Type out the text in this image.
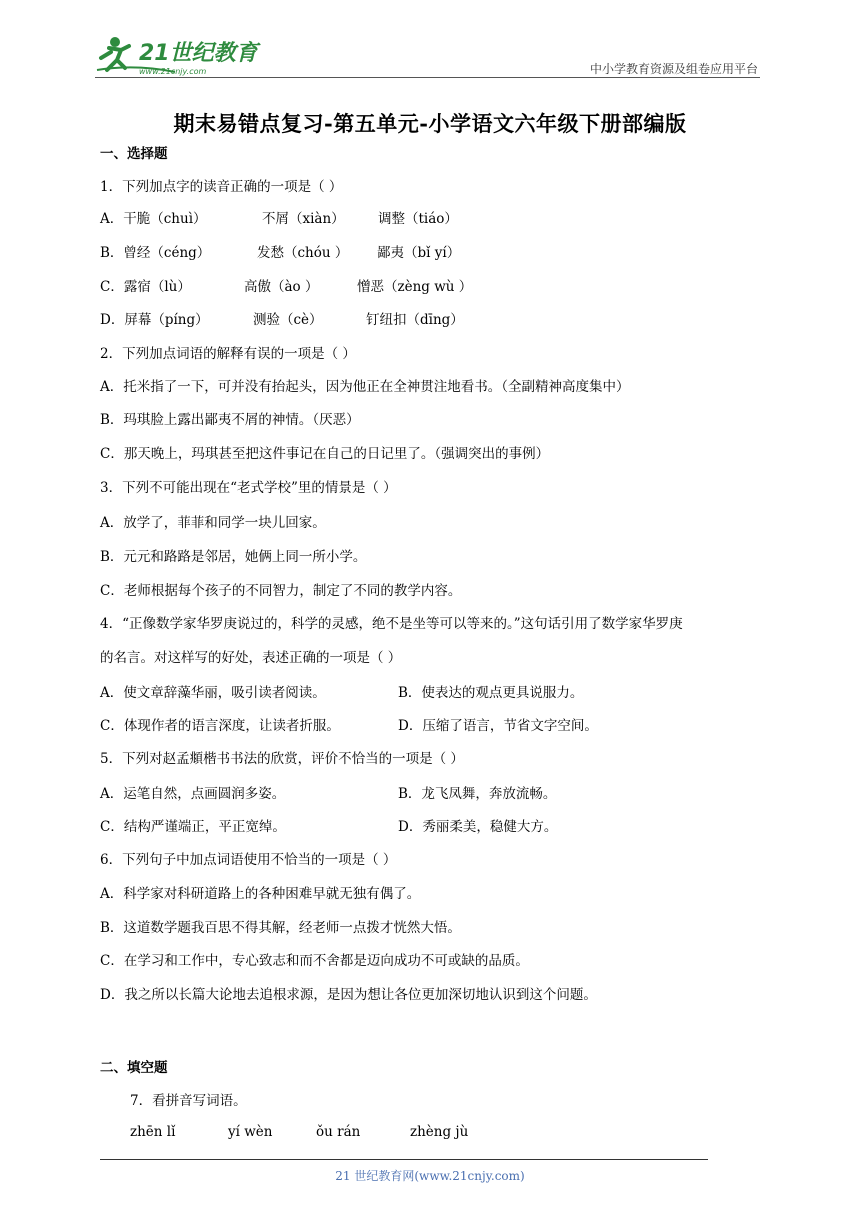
21世纪教育
www.21cnjy.com	中小学教育资源及组卷应用平台
期末易错点复习-第五单元-小学语文六年级下册部编版
一、选择题
1．下列加点字的读音正确的一项是（ ）
A．干脆（chuì）	不屑（xiàn） 调整（tiáo）
B．曾经（céng）	发愁（chóu ） 鄙夷（bǐ yí）
C．露宿（lù）	高傲（ào ）	憎恶（zèng wù ）
D．屏幕（píng）	测验（cè）	钉纽扣（dīng）
2．下列加点词语的解释有误的一项是（ ）
A．托米指了一下，可并没有抬起头，因为他正在全神贯注地看书。（全副精神高度集中）
B．玛琪脸上露出鄙夷不屑的神情。（厌恶）
C．那天晚上，玛琪甚至把这件事记在自己的日记里了。（强调突出的事例）
3．下列不可能出现在“老式学校”里的情景是（ ）
A．放学了，菲菲和同学一块儿回家。
B．元元和路路是邻居，她俩上同一所小学。
C．老师根据每个孩子的不同智力，制定了不同的教学内容。
4．“正像数学家华罗庚说过的，科学的灵感，绝不是坐等可以等来的。”这句话引用了数学家华罗庚
的名言。对这样写的好处，表述正确的一项是（ ）
A．使文章辞藻华丽，吸引读者阅读。	B．使表达的观点更具说服力。
C．体现作者的语言深度，让读者折服。	D．压缩了语言，节省文字空间。
5．下列对赵孟頫楷书书法的欣赏，评价不恰当的一项是（ ）
A．运笔自然，点画圆润多姿。	B．龙飞凤舞，奔放流畅。
C．结构严谨端正，平正宽绰。	D．秀丽柔美，稳健大方。
6．下列句子中加点词语使用不恰当的一项是（ ）
A．科学家对科研道路上的各种困难早就无独有偶了。
B．这道数学题我百思不得其解，经老师一点拨才恍然大悟。
C．在学习和工作中，专心致志和而不舍都是迈向成功不可或缺的品质。
D．我之所以长篇大论地去追根求源，是因为想让各位更加深切地认识到这个问题。
二、填空题
7．看拼音写词语。
zhēn lǐ	yí wèn	ǒu rán	zhèng jù
21 世纪教育网(www.21cnjy.com)
